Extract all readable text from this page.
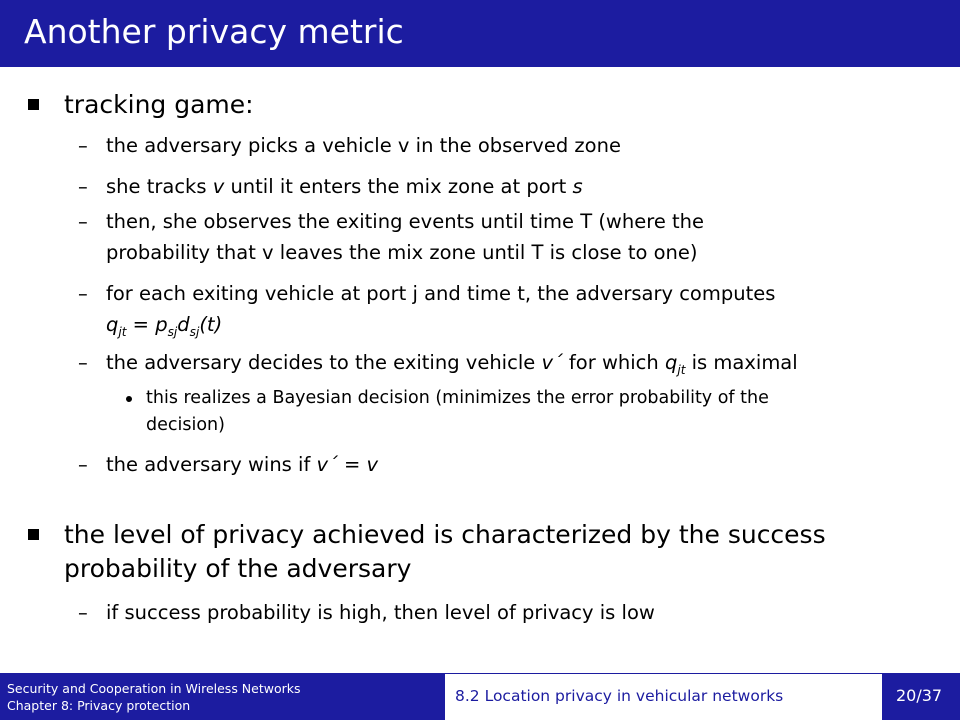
Another privacy metric
tracking game:
– the adversary picks a vehicle v in the observed zone
– she tracks v until it enters the mix zone at port s
– then, she observes the exiting events until time T (where the
probability that v leaves the mix zone until T is close to one)
– for each exiting vehicle at port j and time t, the adversary computes
$q_{jt} = p_{sj}d_{sj}(t)$
– the adversary decides to the exiting vehicle v´ for which $q_{jt}$ is maximal
this realizes a Bayesian decision (minimizes the error probability of the
decision)
– the adversary wins if v´ = v
the level of privacy achieved is characterized by the success
probability of the adversary
– if success probability is high, then level of privacy is low
Security and Cooperation in Wireless Networks
Chapter 8: Privacy protection
8.2 Location privacy in vehicular networks	20/37
